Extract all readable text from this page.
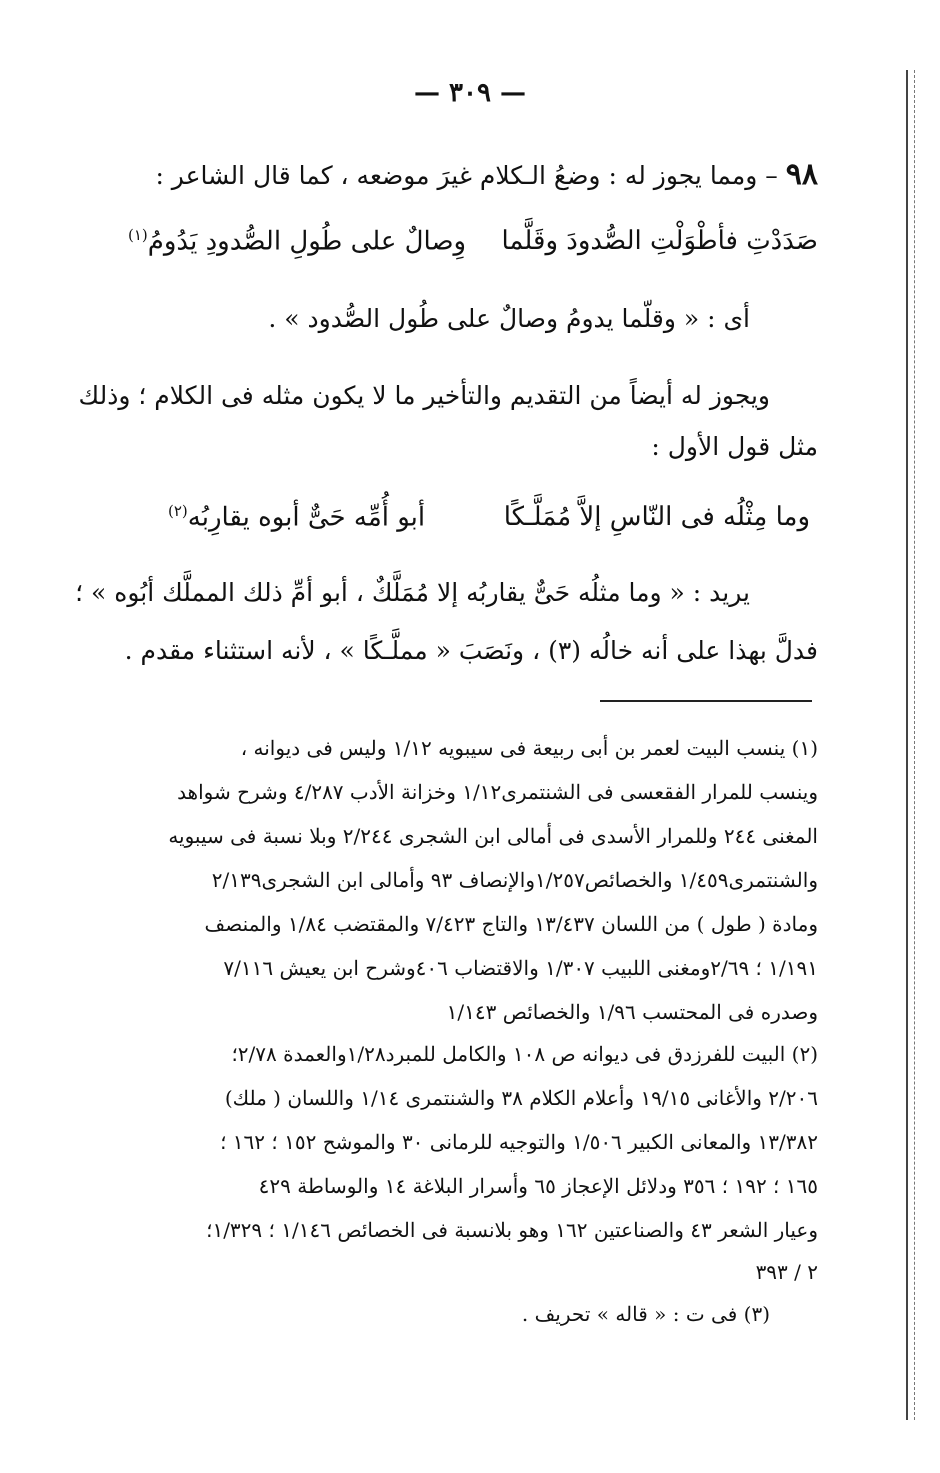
— ٣٠٩ —
٩٨ – ومما يجوز له : وضعُ الـكلام غيرَ موضعه ، كما قال الشاعر :
صَدَدْتِ فأطْوَلْتِ الصُّدودَ وقَلَّما
وِصالٌ على طُولِ الصُّدودِ يَدُومُ$^{(١)}$
أى : « وقلّما يدومُ وصالٌ على طُول الصُّدود » .
ويجوز له أيضاً من التقديم والتأخير ما لا يكون مثله فى الكلام ؛ وذلك
مثل قول الأول :
وما مِثْلُه فى النّاسِ إلاَّ مُمَلَّـكًا
أبو أُمِّه حَىٌّ أبوه يقارِبُه$^{(٢)}$
يريد : « وما مثلُه حَىٌّ يقاربُه إلا مُمَلَّكٌ ، أبو أمِّ ذلك المملَّك أبُوه » ؛
فدلَّ بهذا على أنه خالُه (٣) ، ونَصَبَ « مملَّـكًا » ، لأنه استثناء مقدم .
(١) ينسب البيت لعمر بن أبى ربيعة فى سيبويه ١/١٢ وليس فى ديوانه ،
وينسب للمرار الفقعسى فى الشنتمرى١/١٢ وخزانة الأدب ٤/٢٨٧ وشرح شواهد
المغنى ٢٤٤ وللمرار الأسدى فى أمالى ابن الشجرى ٢/٢٤٤ وبلا نسبة فى سيبويه
والشنتمرى١/٤٥٩ والخصائص١/٢٥٧والإنصاف ٩٣ وأمالى ابن الشجرى٢/١٣٩
ومادة ( طول ) من اللسان ١٣/٤٣٧ والتاج ٧/٤٢٣ والمقتضب ١/٨٤ والمنصف
١/١٩١ ؛ ٢/٦٩ومغنى اللبيب ١/٣٠٧ والاقتضاب ٤٠٦وشرح ابن يعيش ٧/١١٦
وصدره فى المحتسب ١/٩٦ والخصائص ١/١٤٣
(٢) البيت للفرزدق فى ديوانه ص ١٠٨ والكامل للمبرد١/٢٨والعمدة ٢/٧٨؛
٢/٢٠٦ والأغانى ١٩/١٥ وأعلام الكلام ٣٨ والشنتمرى ١/١٤ واللسان ( ملك)
١٣/٣٨٢ والمعانى الكبير ١/٥٠٦ والتوجيه للرمانى ٣٠ والموشح ١٥٢ ؛ ١٦٢ ؛
١٦٥ ؛ ١٩٢ ؛ ٣٥٦ ودلائل الإعجاز ٦٥ وأسرار البلاغة ١٤ والوساطة ٤٢٩
وعيار الشعر ٤٣ والصناعتين ١٦٢ وهو بلانسبة فى الخصائص ١/١٤٦ ؛ ١/٣٢٩؛
٢ / ٣٩٣
(٣) فى ت : « قاله » تحريف .
